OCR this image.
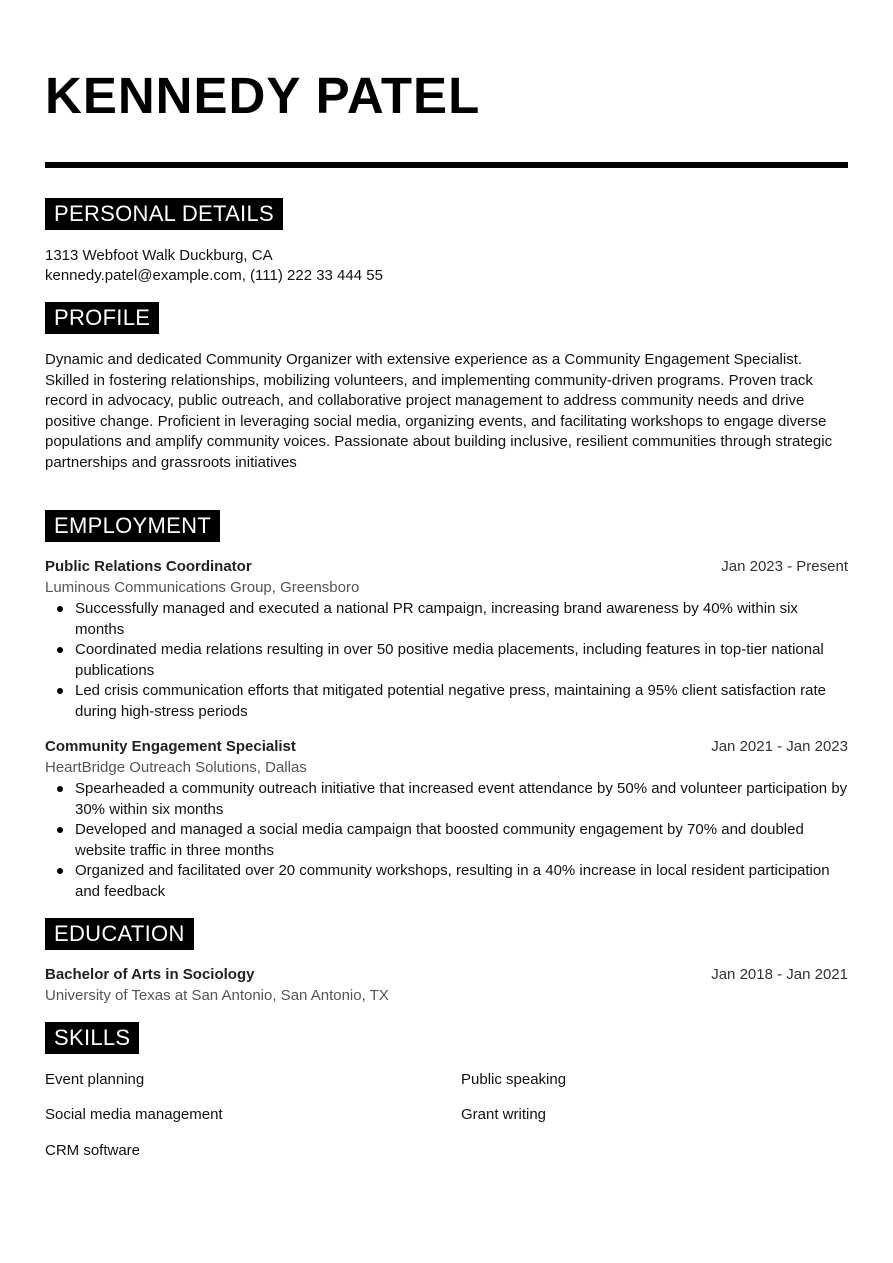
KENNEDY PATEL
PERSONAL DETAILS
1313 Webfoot Walk Duckburg, CA
kennedy.patel@example.com, (111) 222 33 444 55
PROFILE
Dynamic and dedicated Community Organizer with extensive experience as a Community Engagement Specialist. Skilled in fostering relationships, mobilizing volunteers, and implementing community-driven programs. Proven track record in advocacy, public outreach, and collaborative project management to address community needs and drive positive change. Proficient in leveraging social media, organizing events, and facilitating workshops to engage diverse populations and amplify community voices. Passionate about building inclusive, resilient communities through strategic partnerships and grassroots initiatives
EMPLOYMENT
Public Relations Coordinator	Jan 2023 - Present
Luminous Communications Group, Greensboro
Successfully managed and executed a national PR campaign, increasing brand awareness by 40% within six months
Coordinated media relations resulting in over 50 positive media placements, including features in top-tier national publications
Led crisis communication efforts that mitigated potential negative press, maintaining a 95% client satisfaction rate during high-stress periods
Community Engagement Specialist	Jan 2021 - Jan 2023
HeartBridge Outreach Solutions, Dallas
Spearheaded a community outreach initiative that increased event attendance by 50% and volunteer participation by 30% within six months
Developed and managed a social media campaign that boosted community engagement by 70% and doubled website traffic in three months
Organized and facilitated over 20 community workshops, resulting in a 40% increase in local resident participation and feedback
EDUCATION
Bachelor of Arts in Sociology	Jan 2018 - Jan 2021
University of Texas at San Antonio, San Antonio, TX
SKILLS
Event planning	Public speaking
Social media management	Grant writing
CRM software
